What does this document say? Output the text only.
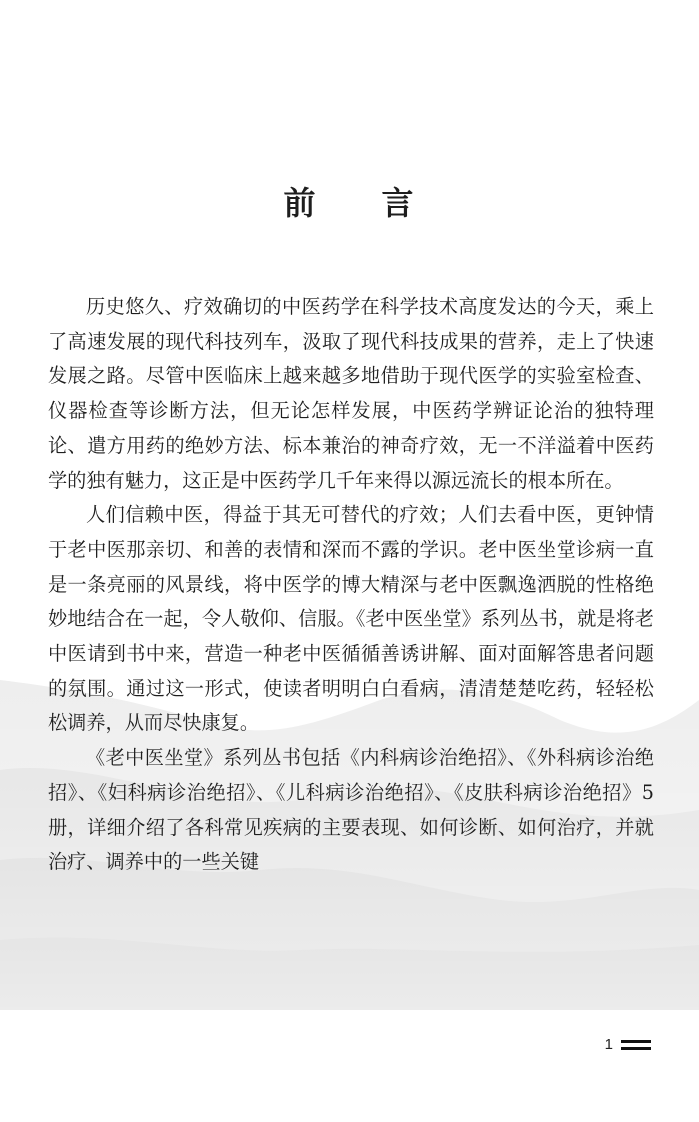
前 言

历史悠久、疗效确切的中医药学在科学技术高度发达的今天，乘上了高速发展的现代科技列车，汲取了现代科技成果的营养，走上了快速发展之路。尽管中医临床上越来越多地借助于现代医学的实验室检查、仪器检查等诊断方法，但无论怎样发展，中医药学辨证论治的独特理论、遣方用药的绝妙方法、标本兼治的神奇疗效，无一不洋溢着中医药学的独有魅力，这正是中医药学几千年来得以源远流长的根本所在。

人们信赖中医，得益于其无可替代的疗效；人们去看中医，更钟情于老中医那亲切、和善的表情和深而不露的学识。老中医坐堂诊病一直是一条亮丽的风景线，将中医学的博大精深与老中医飘逸洒脱的性格绝妙地结合在一起，令人敬仰、信服。《老中医坐堂》系列丛书，就是将老中医请到书中来，营造一种老中医循循善诱讲解、面对面解答患者问题的氛围。通过这一形式，使读者明明白白看病，清清楚楚吃药，轻轻松松调养，从而尽快康复。

《老中医坐堂》系列丛书包括《内科病诊治绝招》、《外科病诊治绝招》、《妇科病诊治绝招》、《儿科病诊治绝招》、《皮肤科病诊治绝招》5 册，详细介绍了各科常见疾病的主要表现、如何诊断、如何治疗，并就治疗、调养中的一些关键

1
